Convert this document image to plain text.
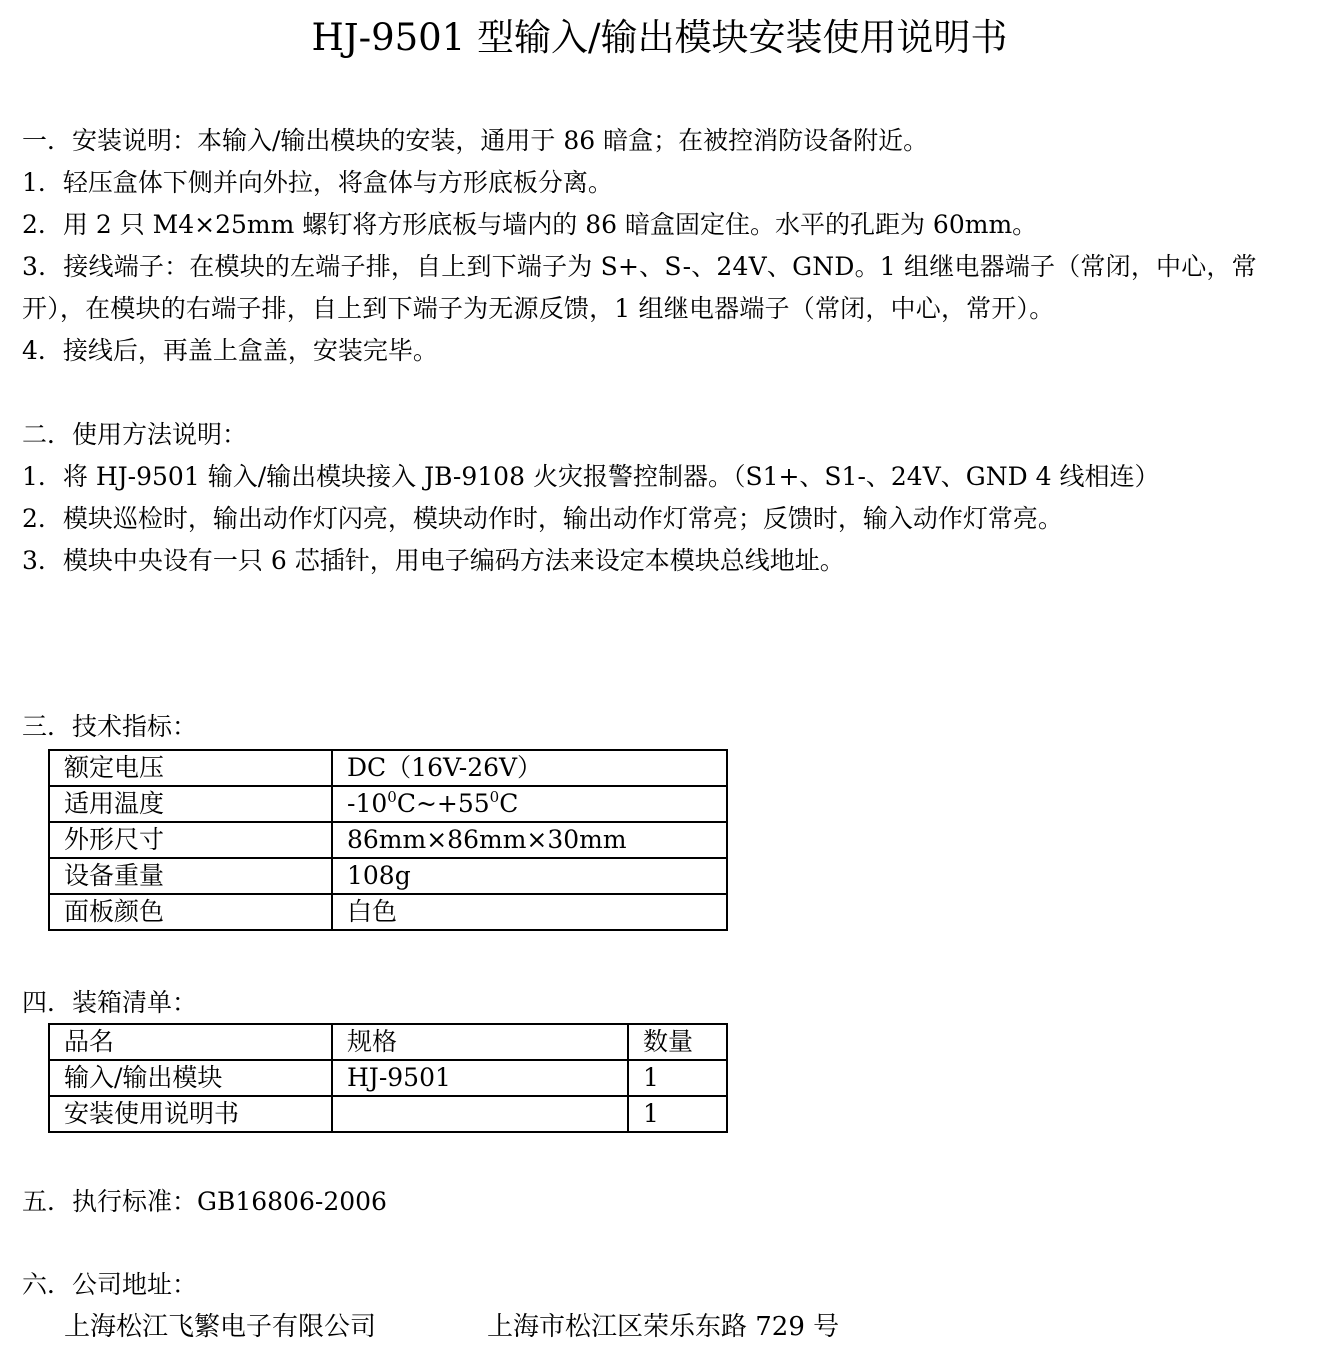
HJ-9501 型输入/输出模块安装使用说明书
一．安装说明：本输入/输出模块的安装，通用于 86 暗盒；在被控消防设备附近。
1．轻压盒体下侧并向外拉，将盒体与方形底板分离。
2．用 2 只 M4×25mm 螺钉将方形底板与墙内的 86 暗盒固定住。水平的孔距为 60mm。
3．接线端子：在模块的左端子排，自上到下端子为 S+、S-、24V、GND。1 组继电器端子（常闭，中心，常开），在模块的右端子排，自上到下端子为无源反馈，1 组继电器端子（常闭，中心，常开）。
4．接线后，再盖上盒盖，安装完毕。
二．使用方法说明：
1．将 HJ-9501 输入/输出模块接入 JB-9108 火灾报警控制器。（S1+、S1-、24V、GND 4 线相连）
2．模块巡检时，输出动作灯闪亮，模块动作时，输出动作灯常亮；反馈时，输入动作灯常亮。
3．模块中央设有一只 6 芯插针，用电子编码方法来设定本模块总线地址。
三．技术指标：
额定电压	DC（16V-26V）
适用温度	$-10^0C\sim+55^0C$
外形尺寸	86mm×86mm×30mm
设备重量	108g
面板颜色	白色
四．装箱清单：
品名	规格	数量
输入/输出模块	HJ-9501	1
安装使用说明书		1
五．执行标准：GB16806-2006
六．公司地址：
上海松江飞繁电子有限公司	上海市松江区荣乐东路 729 号
